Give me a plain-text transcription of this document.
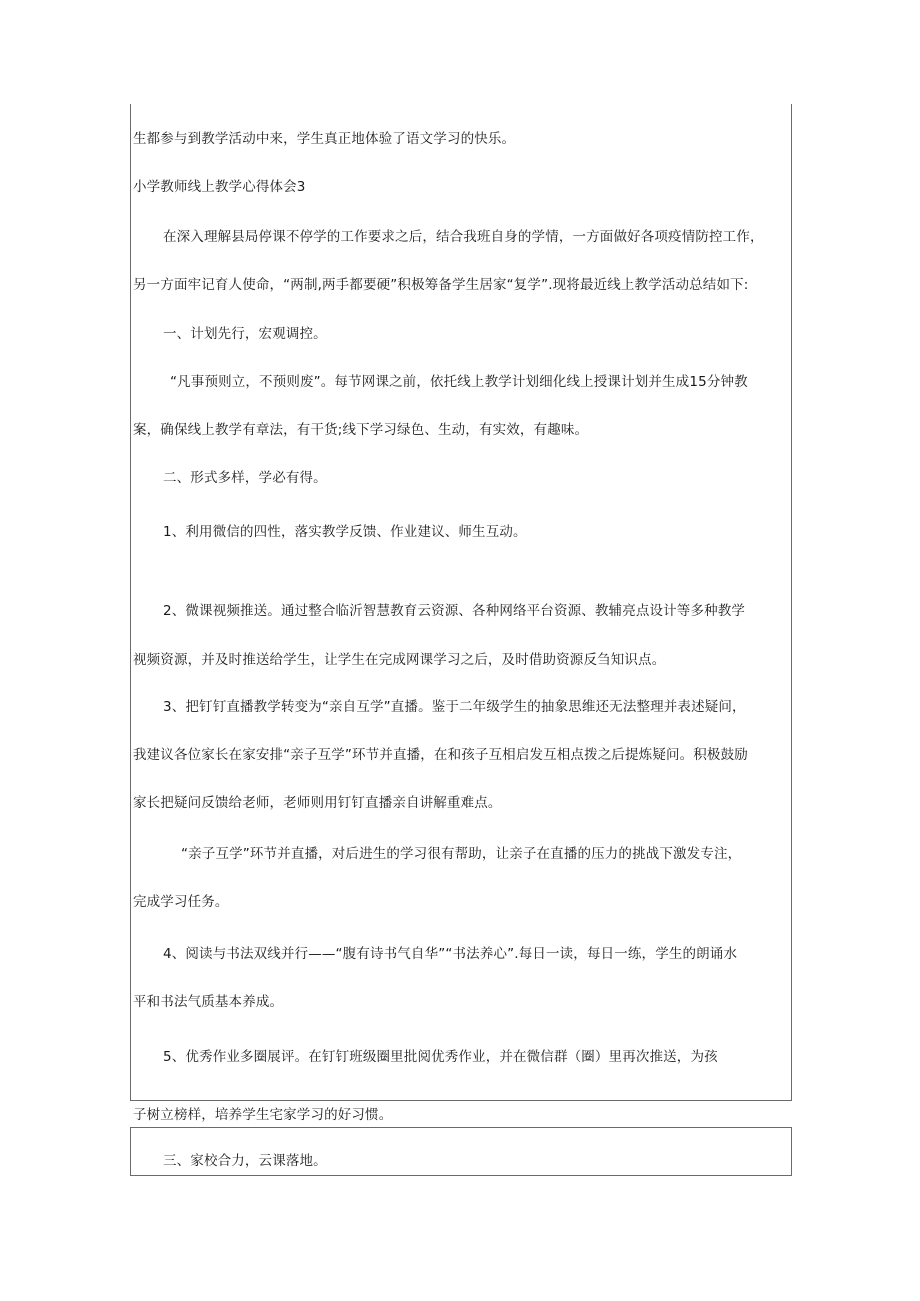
生都参与到教学活动中来，学生真正地体验了语文学习的快乐。
小学教师线上教学心得体会3
在深入理解县局停课不停学的工作要求之后，结合我班自身的学情，一方面做好各项疫情防控工作，
另一方面牢记育人使命，“两制,两手都要硬”积极筹备学生居家“复学”.现将最近线上教学活动总结如下:
一、计划先行，宏观调控。
“凡事预则立，不预则废”。每节网课之前，依托线上教学计划细化线上授课计划并生成15分钟教
案，确保线上教学有章法，有干货;线下学习绿色、生动，有实效，有趣味。
二、形式多样，学必有得。
1、利用微信的四性，落实教学反馈、作业建议、师生互动。
2、微课视频推送。通过整合临沂智慧教育云资源、各种网络平台资源、教辅亮点设计等多种教学
视频资源，并及时推送给学生，让学生在完成网课学习之后，及时借助资源反刍知识点。
3、把钉钉直播教学转变为“亲自互学”直播。鉴于二年级学生的抽象思维还无法整理并表述疑问，
我建议各位家长在家安排“亲子互学”环节并直播，在和孩子互相启发互相点拨之后提炼疑问。积极鼓励
家长把疑问反馈给老师，老师则用钉钉直播亲自讲解重难点。
“亲子互学”环节并直播，对后进生的学习很有帮助，让亲子在直播的压力的挑战下激发专注，
完成学习任务。
4、阅读与书法双线并行——“腹有诗书气自华”“书法养心”.每日一读，每日一练，学生的朗诵水
平和书法气质基本养成。
5、优秀作业多圈展评。在钉钉班级圈里批阅优秀作业，并在微信群（圈）里再次推送，为孩
子树立榜样，培养学生宅家学习的好习惯。
三、家校合力，云课落地。
